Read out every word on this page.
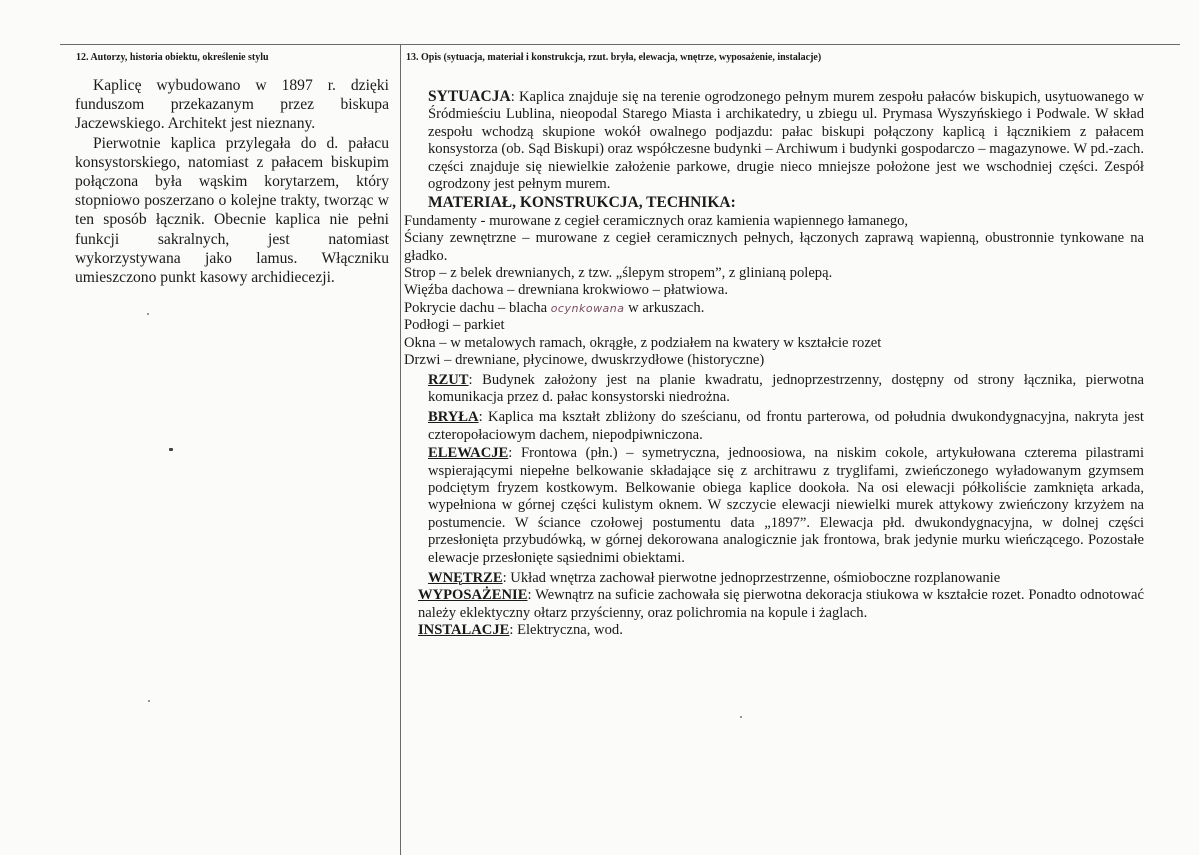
12. Autorzy, historia obiektu, określenie stylu	13. Opis (sytuacja, materiał i konstrukcja, rzut. bryła, elewacja, wnętrze, wyposażenie, instalacje)

Kaplicę wybudowano w 1897 r. dzięki funduszom przekazanym przez biskupa Jaczewskiego. Architekt jest nieznany.

Pierwotnie kaplica przylegała do d. pałacu konsystorskiego, natomiast z pałacem biskupim połączona była wąskim korytarzem, który stopniowo poszerzano o kolejne trakty, tworząc w ten sposób łącznik. Obecnie kaplica nie pełni funkcji sakralnych, jest natomiast wykorzystywana jako lamus. Włączniku umieszczono punkt kasowy archidiecezji.

SYTUACJA: Kaplica znajduje się na terenie ogrodzonego pełnym murem zespołu pałaców biskupich, usytuowanego w Śródmieściu Lublina, nieopodal Starego Miasta i archikatedry, u zbiegu ul. Prymasa Wyszyńskiego i Podwale. W skład zespołu wchodzą skupione wokół owalnego podjazdu: pałac biskupi połączony kaplicą i łącznikiem z pałacem konsystorza (ob. Sąd Biskupi) oraz współczesne budynki – Archiwum i budynki gospodarczo – magazynowe. W pd.-zach. części znajduje się niewielkie założenie parkowe, drugie nieco mniejsze położone jest we wschodniej części. Zespół ogrodzony jest pełnym murem.

MATERIAŁ, KONSTRUKCJA, TECHNIKA:

Fundamenty - murowane z cegieł ceramicznych oraz kamienia wapiennego łamanego,

Ściany zewnętrzne – murowane z cegieł ceramicznych pełnych, łączonych zaprawą wapienną, obustronnie tynkowane na gładko.

Strop – z belek drewnianych, z tzw. „ślepym stropem”, z glinianą polepą.

Więźba dachowa – drewniana krokwiowo – płatwiowa.

Pokrycie dachu – blacha ocynkowana w arkuszach.

Podłogi – parkiet

Okna – w metalowych ramach, okrągłe, z podziałem na kwatery w kształcie rozet

Drzwi – drewniane, płycinowe, dwuskrzydłowe (historyczne)

RZUT: Budynek założony jest na planie kwadratu, jednoprzestrzenny, dostępny od strony łącznika, pierwotna komunikacja przez d. pałac konsystorski niedrożna.

BRYŁA: Kaplica ma kształt zbliżony do sześcianu, od frontu parterowa, od południa dwukondygnacyjna, nakryta jest czteropołaciowym dachem, niepodpiwniczona.

ELEWACJE: Frontowa (płn.) – symetryczna, jednoosiowa, na niskim cokole, artykułowana czterema pilastrami wspierającymi niepełne belkowanie składające się z architrawu z tryglifami, zwieńczonego wyładowanym gzymsem podciętym fryzem kostkowym. Belkowanie obiega kaplice dookoła. Na osi elewacji półkoliście zamknięta arkada, wypełniona w górnej części kulistym oknem. W szczycie elewacji niewielki murek attykowy zwieńczony krzyżem na postumencie. W ściance czołowej postumentu data „1897”. Elewacja płd. dwukondygnacyjna, w dolnej części przesłonięta przybudówką, w górnej dekorowana analogicznie jak frontowa, brak jedynie murku wieńczącego. Pozostałe elewacje przesłonięte sąsiednimi obiektami.

WNĘTRZE: Układ wnętrza zachował pierwotne jednoprzestrzenne, ośmioboczne rozplanowanie

WYPOSAŻENIE: Wewnątrz na suficie zachowała się pierwotna dekoracja stiukowa w kształcie rozet. Ponadto odnotować należy eklektyczny ołtarz przyścienny, oraz polichromia na kopule i żaglach.

INSTALACJE: Elektryczna, wod.
